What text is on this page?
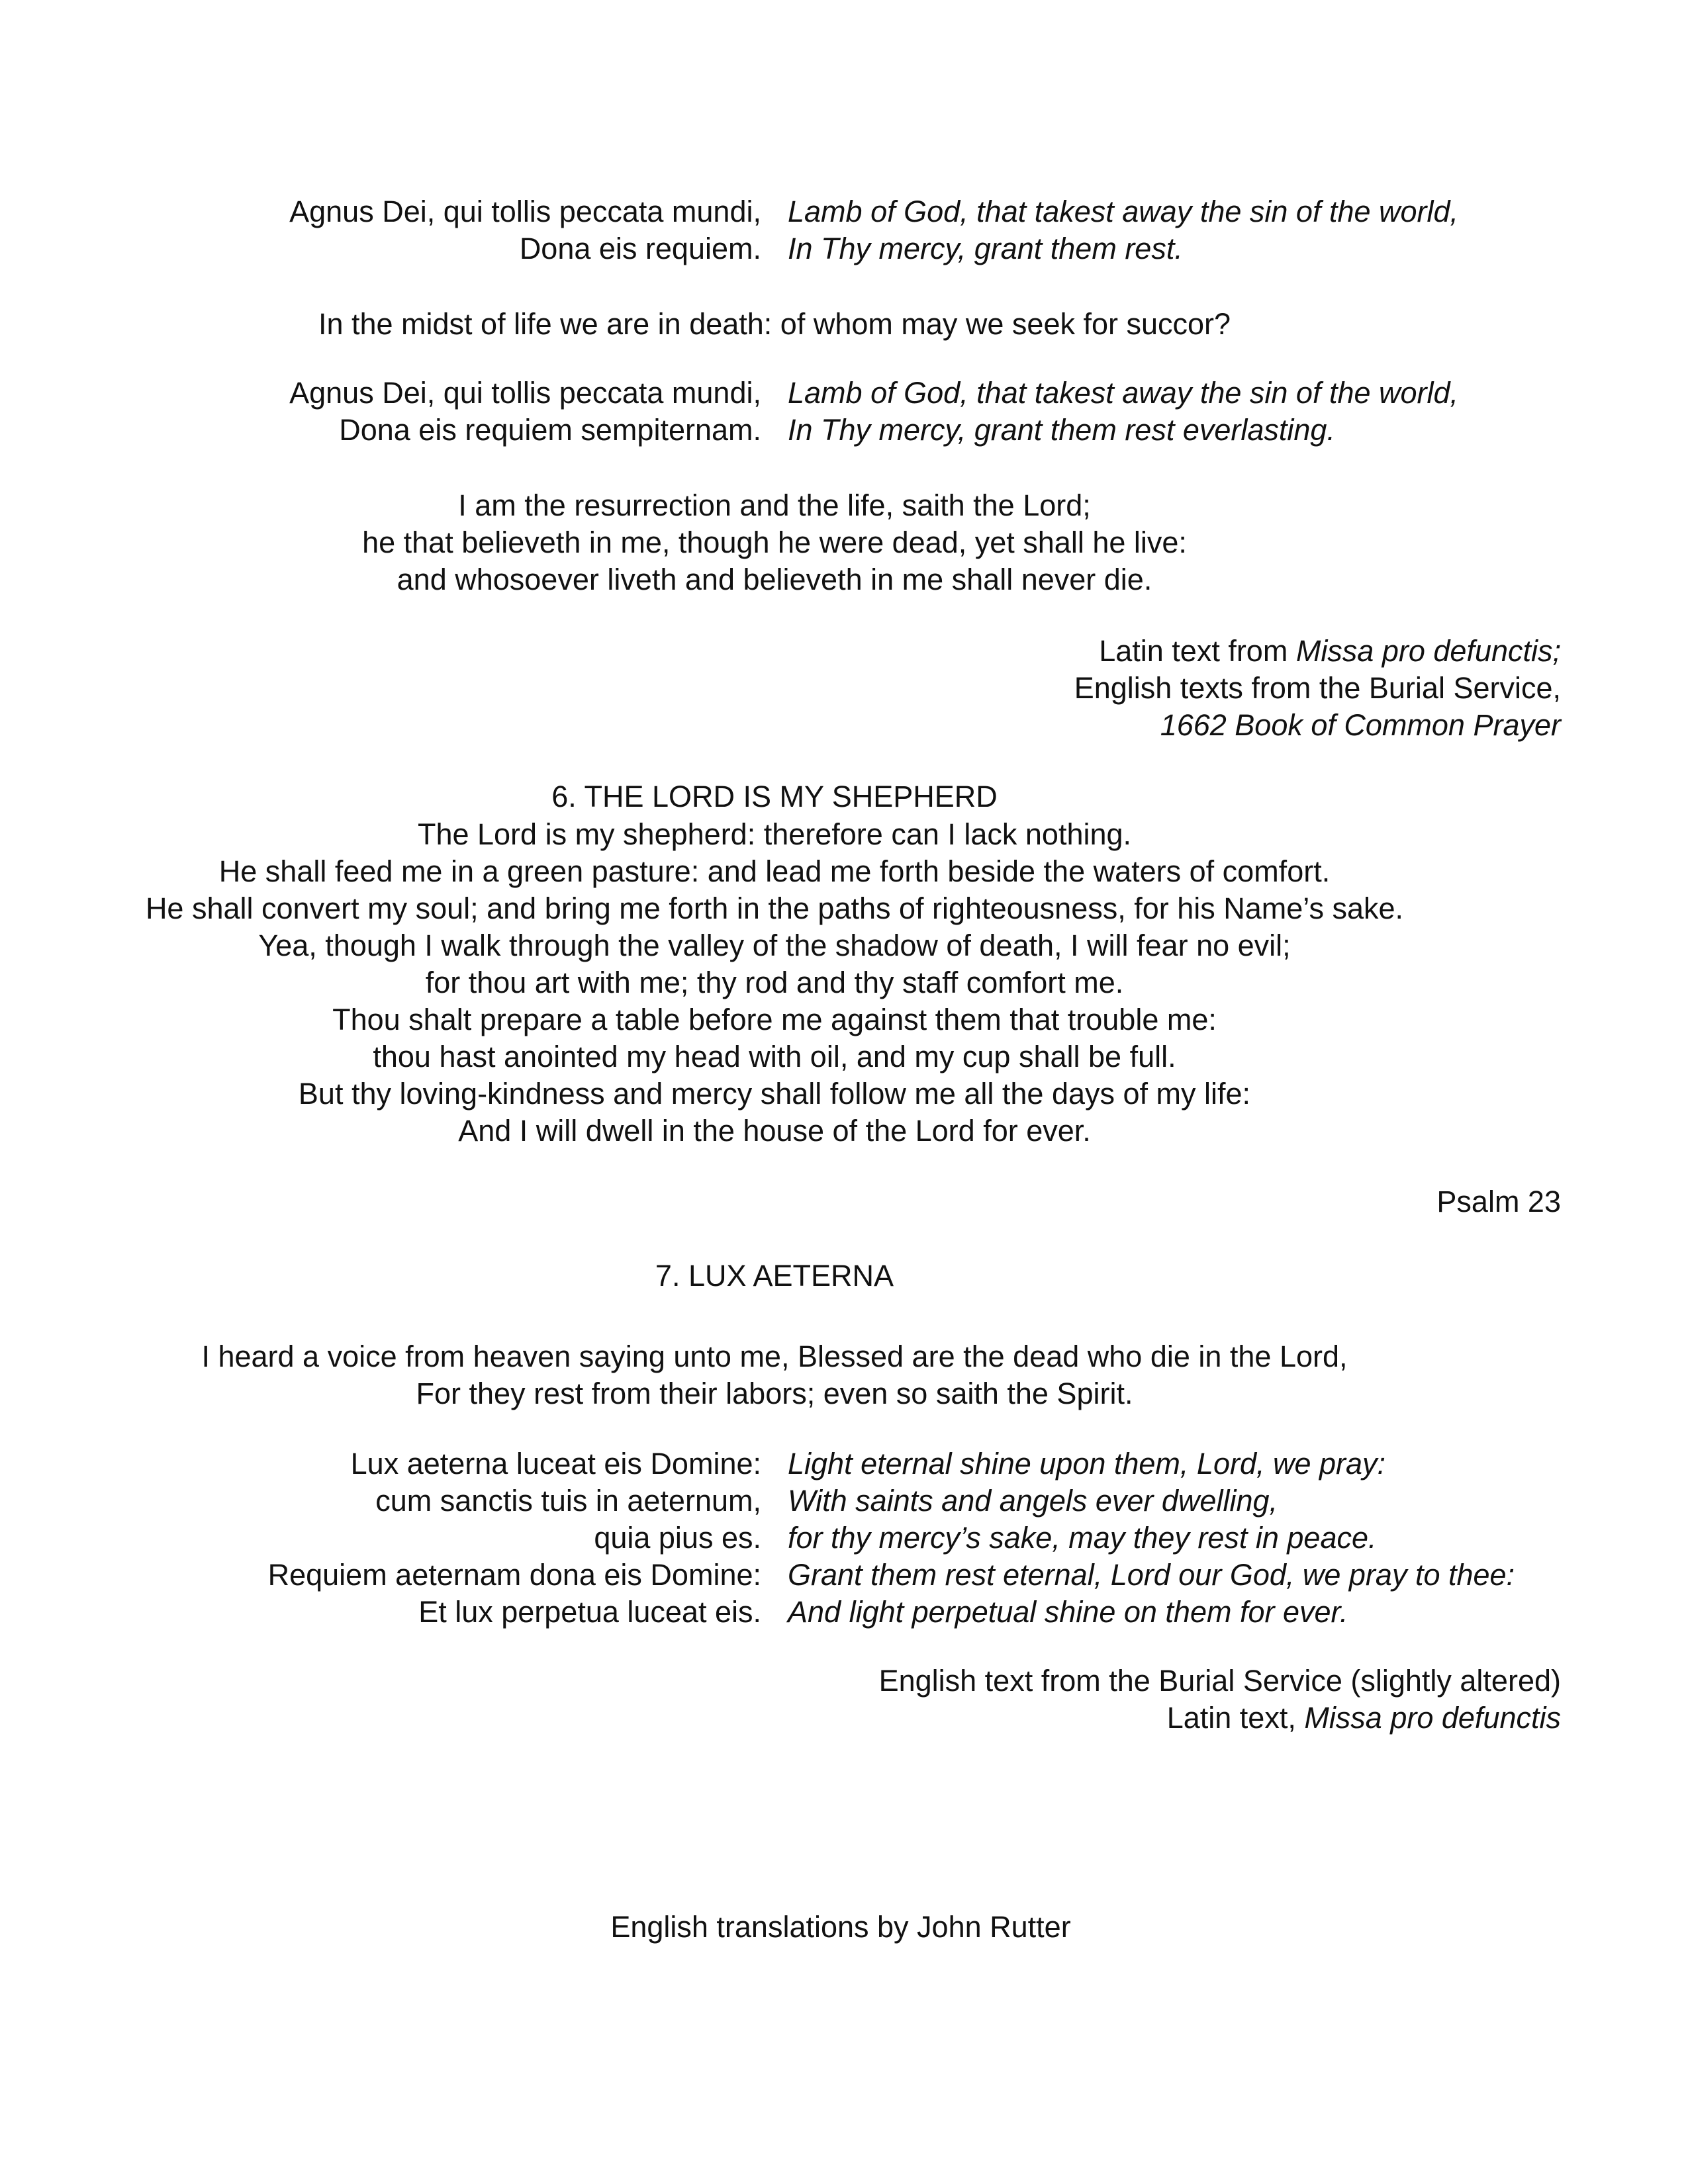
Agnus Dei, qui tollis peccata mundi,
Dona eis requiem.
Lamb of God, that takest away the sin of the world,
In Thy mercy, grant them rest.
In the midst of life we are in death: of whom may we seek for succor?
Agnus Dei, qui tollis peccata mundi,
Dona eis requiem sempiternam.
Lamb of God, that takest away the sin of the world,
In Thy mercy, grant them rest everlasting.
I am the resurrection and the life, saith the Lord;
he that believeth in me, though he were dead, yet shall he live:
and whosoever liveth and believeth in me shall never die.
Latin text from Missa pro defunctis;
English texts from the Burial Service,
1662 Book of Common Prayer
6. THE LORD IS MY SHEPHERD
The Lord is my shepherd: therefore can I lack nothing.
He shall feed me in a green pasture: and lead me forth beside the waters of comfort.
He shall convert my soul; and bring me forth in the paths of righteousness, for his Name’s sake.
Yea, though I walk through the valley of the shadow of death, I will fear no evil;
for thou art with me; thy rod and thy staff comfort me.
Thou shalt prepare a table before me against them that trouble me:
thou hast anointed my head with oil, and my cup shall be full.
But thy loving-kindness and mercy shall follow me all the days of my life:
And I will dwell in the house of the Lord for ever.
Psalm 23
7. LUX AETERNA
I heard a voice from heaven saying unto me, Blessed are the dead who die in the Lord,
For they rest from their labors; even so saith the Spirit.
Lux aeterna luceat eis Domine:
cum sanctis tuis in aeternum,
quia pius es.
Requiem aeternam dona eis Domine:
Et lux perpetua luceat eis.
Light eternal shine upon them, Lord, we pray:
With saints and angels ever dwelling,
for thy mercy’s sake, may they rest in peace.
Grant them rest eternal, Lord our God, we pray to thee:
And light perpetual shine on them for ever.
English text from the Burial Service (slightly altered)
Latin text, Missa pro defunctis
English translations by John Rutter
